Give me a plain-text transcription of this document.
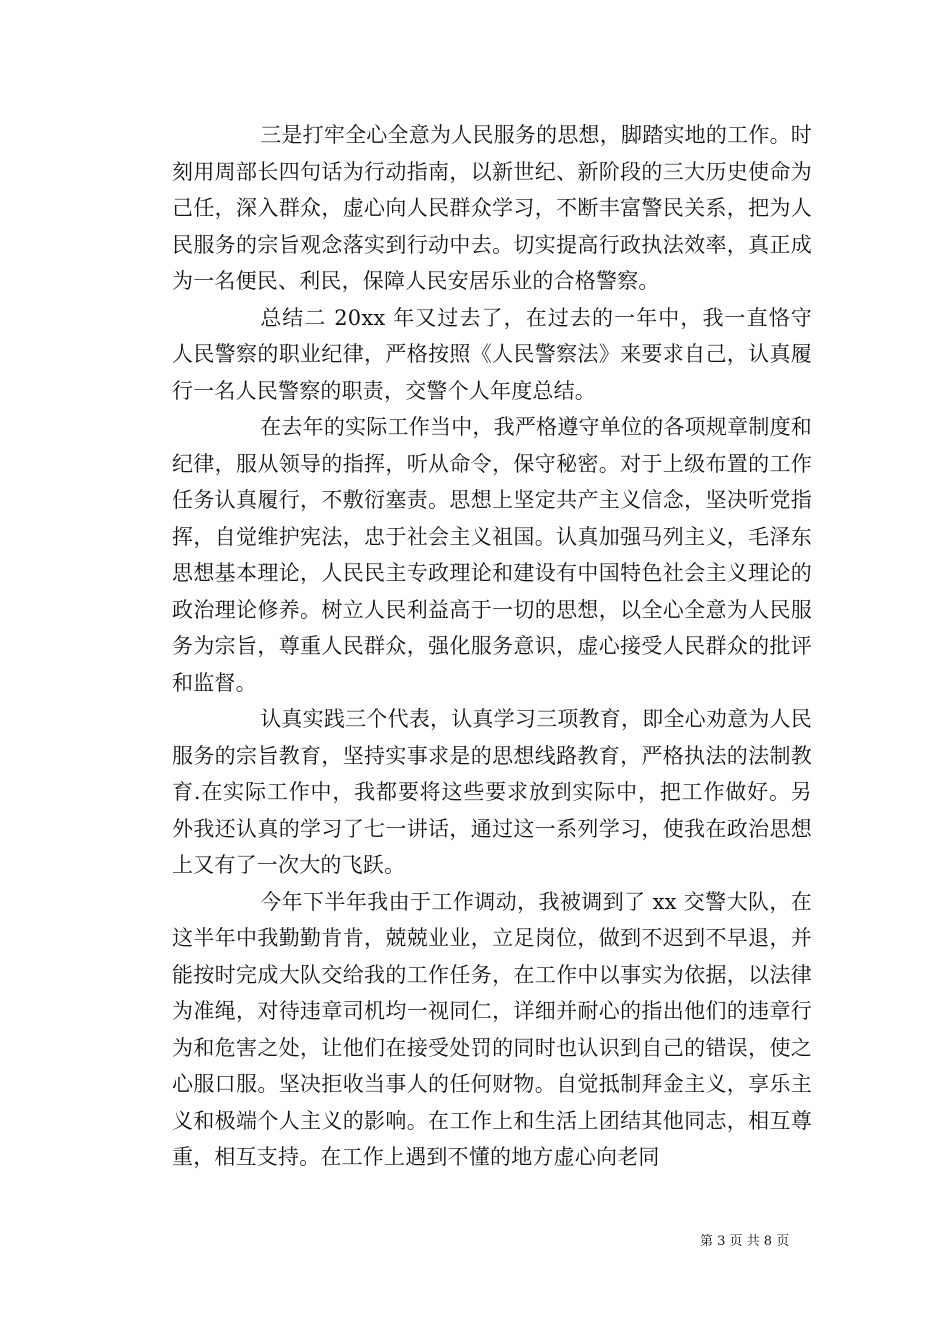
三是打牢全心全意为人民服务的思想，脚踏实地的工作。时刻用周部长四句话为行动指南，以新世纪、新阶段的三大历史使命为己任，深入群众，虚心向人民群众学习，不断丰富警民关系，把为人民服务的宗旨观念落实到行动中去。切实提高行政执法效率，真正成为一名便民、利民，保障人民安居乐业的合格警察。

总结二 20xx 年又过去了，在过去的一年中，我一直恪守人民警察的职业纪律，严格按照《人民警察法》来要求自己，认真履行一名人民警察的职责，交警个人年度总结。

在去年的实际工作当中，我严格遵守单位的各项规章制度和纪律，服从领导的指挥，听从命令，保守秘密。对于上级布置的工作任务认真履行，不敷衍塞责。思想上坚定共产主义信念，坚决听党指挥，自觉维护宪法，忠于社会主义祖国。认真加强马列主义，毛泽东思想基本理论，人民民主专政理论和建设有中国特色社会主义理论的政治理论修养。树立人民利益高于一切的思想，以全心全意为人民服务为宗旨，尊重人民群众，强化服务意识，虚心接受人民群众的批评和监督。

认真实践三个代表，认真学习三项教育，即全心劝意为人民服务的宗旨教育，坚持实事求是的思想线路教育，严格执法的法制教育.在实际工作中，我都要将这些要求放到实际中，把工作做好。另外我还认真的学习了七一讲话，通过这一系列学习，使我在政治思想上又有了一次大的飞跃。

今年下半年我由于工作调动，我被调到了 xx 交警大队，在这半年中我勤勤肯肯，兢兢业业，立足岗位，做到不迟到不早退，并能按时完成大队交给我的工作任务，在工作中以事实为依据，以法律为准绳，对待违章司机均一视同仁，详细并耐心的指出他们的违章行为和危害之处，让他们在接受处罚的同时也认识到自己的错误，使之心服口服。坚决拒收当事人的任何财物。自觉抵制拜金主义，享乐主义和极端个人主义的影响。在工作上和生活上团结其他同志，相互尊重，相互支持。在工作上遇到不懂的地方虚心向老同

第 3 页 共 8 页
